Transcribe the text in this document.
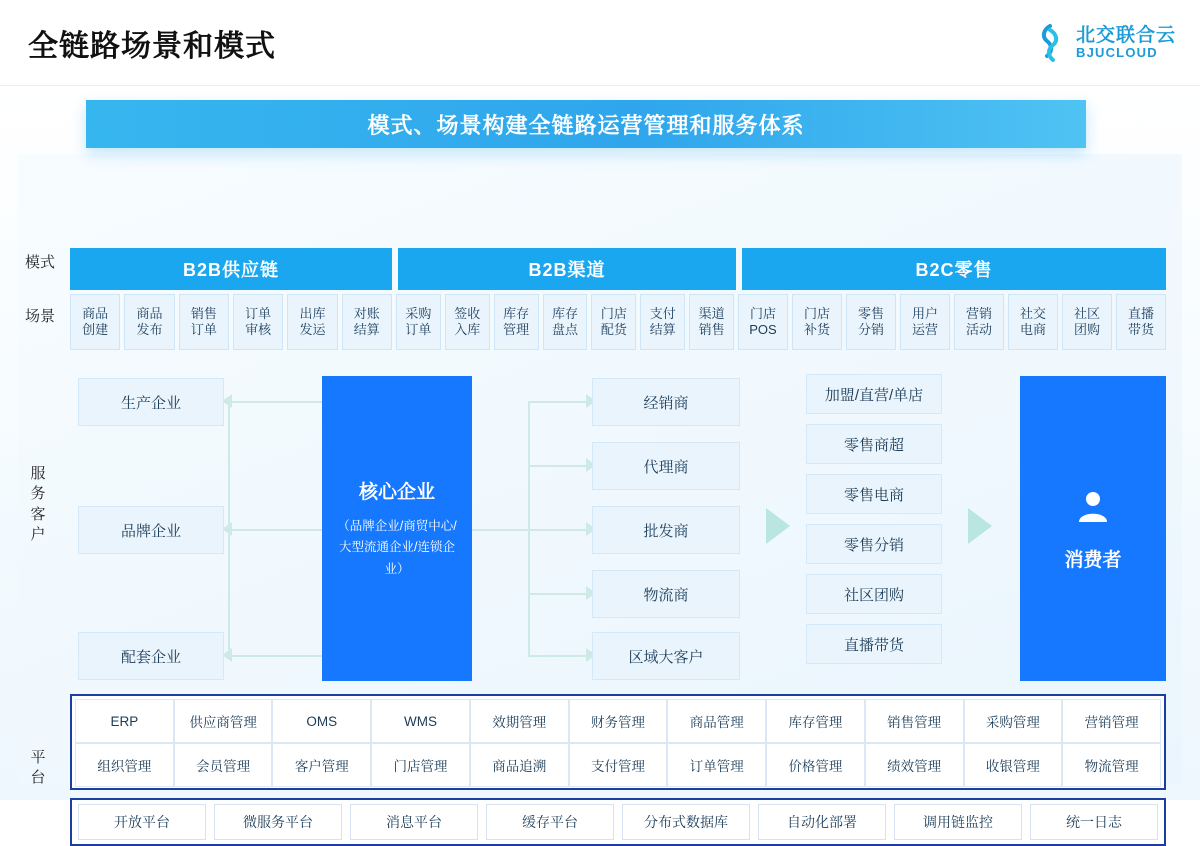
全链路场景和模式	北交联合云
BJUCLOUD
模式、场景构建全链路运营管理和服务体系
模式
场景
服
务
客
户
平
台
B2B供应链	B2B渠道	B2C零售
商品
创建
商品
发布
销售
订单
订单
审核
出库
发运
对账
结算
采购
订单
签收
入库
库存
管理
库存
盘点
门店
配货
支付
结算
渠道
销售
门店
POS
门店
补货
零售
分销
用户
运营
营销
活动
社交
电商
社区
团购
直播
带货
生产企业
品牌企业
配套企业
核心企业
（品牌企业/商贸中心/
大型流通企业/连锁企
业）
经销商
代理商
批发商
物流商
区域大客户
加盟/直营/单店
零售商超
零售电商
零售分销
社区团购
直播带货
消费者
ERP	供应商管理	OMS	WMS	效期管理	财务管理	商品管理	库存管理	销售管理	采购管理	营销管理
组织管理	会员管理	客户管理	门店管理	商品追溯	支付管理	订单管理	价格管理	绩效管理	收银管理	物流管理
开放平台	微服务平台	消息平台	缓存平台	分布式数据库	自动化部署	调用链监控	统一日志
